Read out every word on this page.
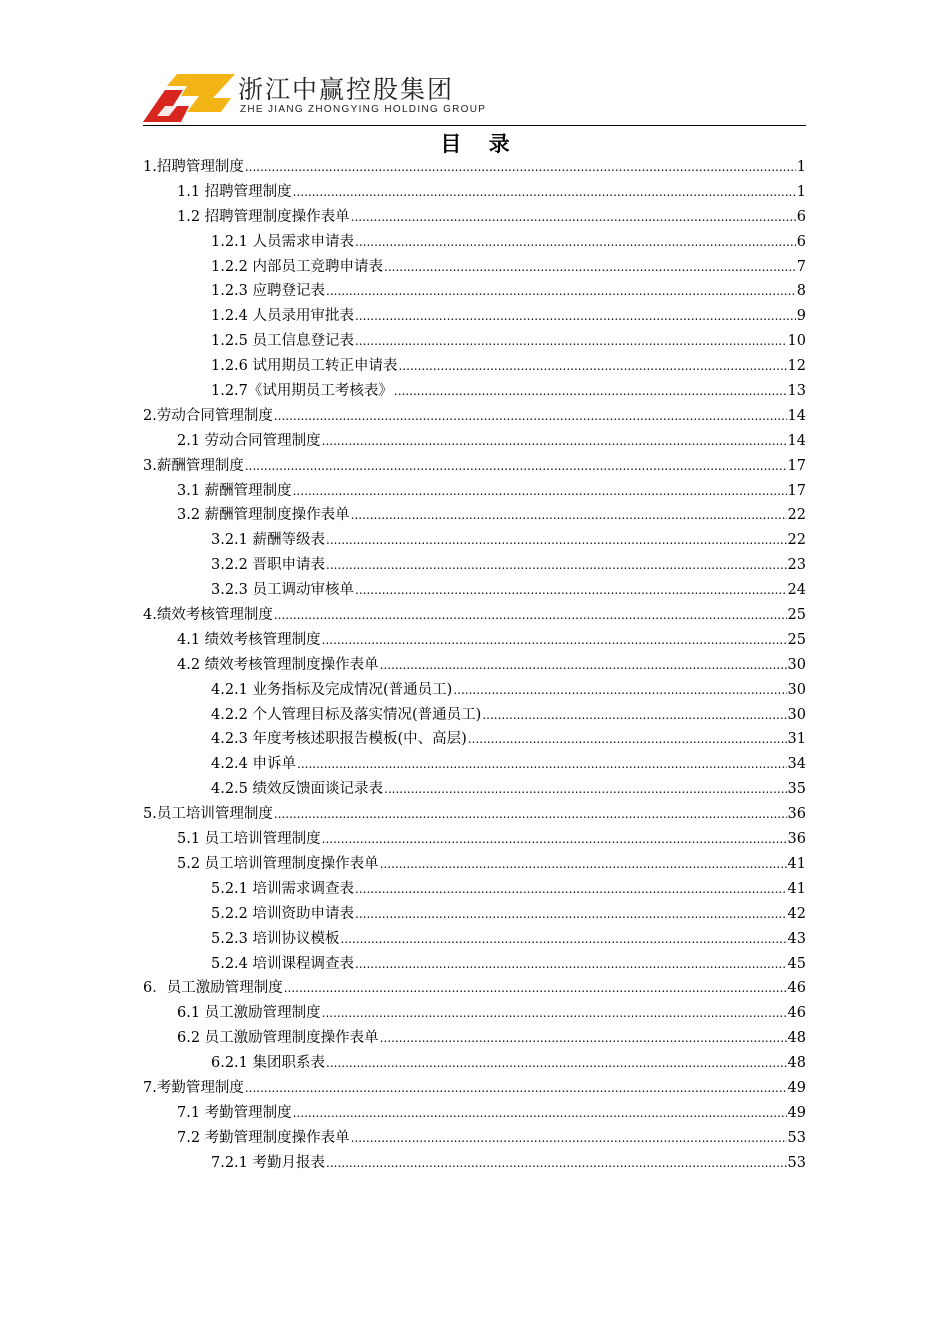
浙江中赢控股集团
ZHE JIANG ZHONGYING HOLDING GROUP
目 录
1.招聘管理制度 .....	1
1.1 招聘管理制度 .....	1
1.2 招聘管理制度操作表单 .....	6
1.2.1 人员需求申请表 .....	6
1.2.2 内部员工竞聘申请表 .....	7
1.2.3 应聘登记表 .....	8
1.2.4 人员录用审批表 .....	9
1.2.5 员工信息登记表 .....	10
1.2.6 试用期员工转正申请表 .....	12
1.2.7《试用期员工考核表》 .....	13
2.劳动合同管理制度 .....	14
2.1 劳动合同管理制度 .....	14
3.薪酬管理制度 .....	17
3.1 薪酬管理制度 .....	17
3.2 薪酬管理制度操作表单 .....	22
3.2.1 薪酬等级表 .....	22
3.2.2 晋职申请表 .....	23
3.2.3 员工调动审核单 .....	24
4.绩效考核管理制度 .....	25
4.1 绩效考核管理制度 .....	25
4.2 绩效考核管理制度操作表单 .....	30
4.2.1 业务指标及完成情况(普通员工) .....	30
4.2.2 个人管理目标及落实情况(普通员工) .....	30
4.2.3 年度考核述职报告模板(中、高层) .....	31
4.2.4 申诉单 .....	34
4.2.5 绩效反馈面谈记录表 .....	35
5.员工培训管理制度 .....	36
5.1 员工培训管理制度 .....	36
5.2 员工培训管理制度操作表单 .....	41
5.2.1 培训需求调查表 .....	41
5.2.2 培训资助申请表 .....	42
5.2.3 培训协议模板 .....	43
5.2.4 培训课程调查表 .....	45
6．员工激励管理制度 .....	46
6.1 员工激励管理制度 .....	46
6.2 员工激励管理制度操作表单 .....	48
6.2.1 集团职系表 .....	48
7.考勤管理制度 .....	49
7.1 考勤管理制度 .....	49
7.2 考勤管理制度操作表单 .....	53
7.2.1 考勤月报表 .....	53
